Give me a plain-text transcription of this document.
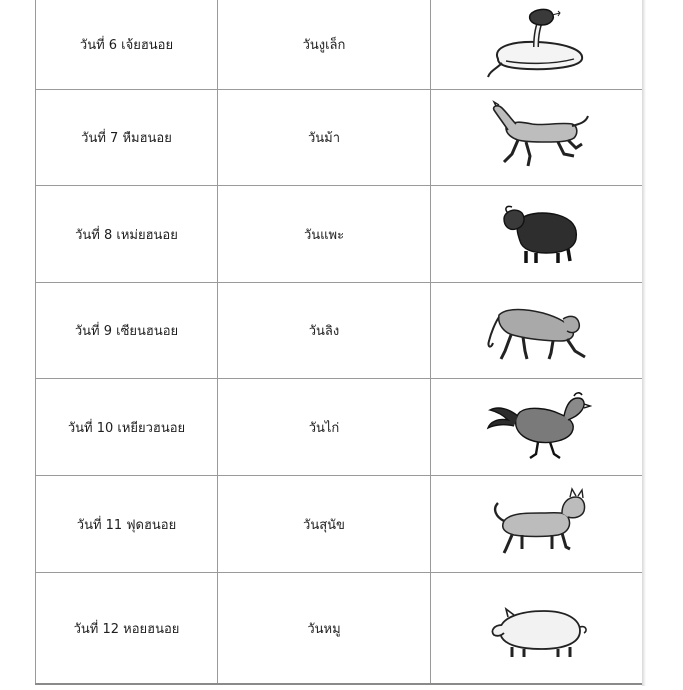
วันที่ 6 เจ้ยฮนอย	วันงูเล็ก	

วันที่ 7 หืมฮนอย	วันม้า	

วันที่ 8 เหม่ยฮนอย	วันแพะ	

วันที่ 9 เซียนฮนอย	วันลิง	

วันที่ 10 เหยียวฮนอย	วันไก่	

วันที่ 11 ฟุดฮนอย	วันสุนัข	

วันที่ 12 หอยฮนอย	วันหมู	
